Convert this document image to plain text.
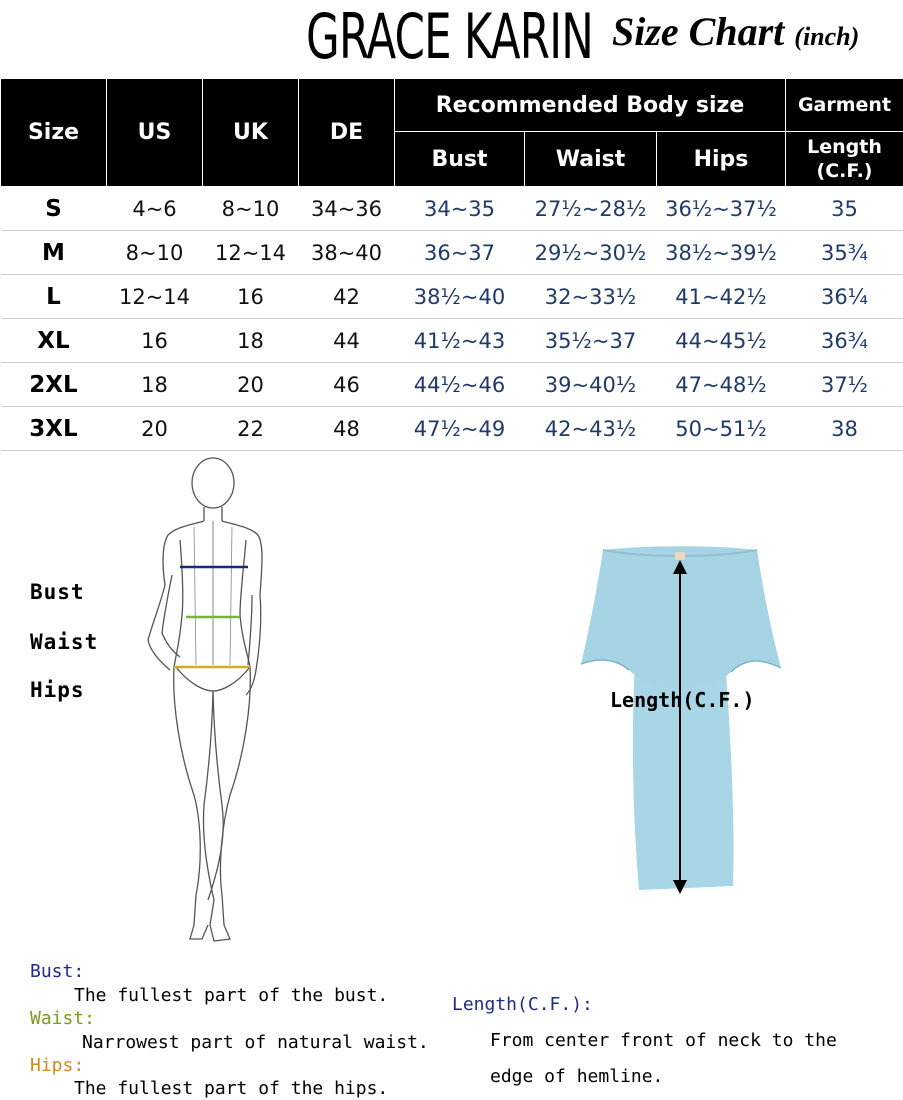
GRACE KARIN Size Chart (inch)
Size	US	UK	DE	Recommended Body size			Garment
				Bust	Waist	Hips	Length
(C.F.)
S	4~6	8~10	34~36	34~35	27½~28½	36½~37½	35
M	8~10	12~14	38~40	36~37	29½~30½	38½~39½	35¾
L	12~14	16	42	38½~40	32~33½	41~42½	36¼
XL	16	18	44	41½~43	35½~37	44~45½	36¾
2XL	18	20	46	44½~46	39~40½	47~48½	37½
3XL	20	22	48	47½~49	42~43½	50~51½	38
Bust
Waist
Hips	Length(C.F.)
Bust:
The fullest part of the bust.
Waist:
Narrowest part of natural waist.
Hips:
The fullest part of the hips.
Length(C.F.):
From center front of neck to the
edge of hemline.
